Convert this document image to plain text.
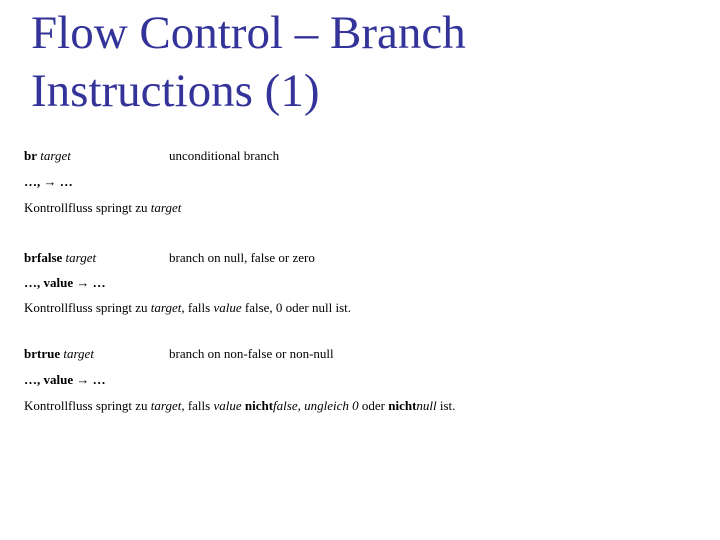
Flow Control – Branch
Instructions (1)
br target	unconditional branch
…, → …
Kontrollfluss springt zu target
brfalse target	branch on null, false or zero
…, value → …
Kontrollfluss springt zu target, falls value false, 0 oder null ist.
brtrue target	branch on non-false or non-null
…, value → …
Kontrollfluss springt zu target, falls value nichtfalse, ungleich 0 oder nichtnull ist.
